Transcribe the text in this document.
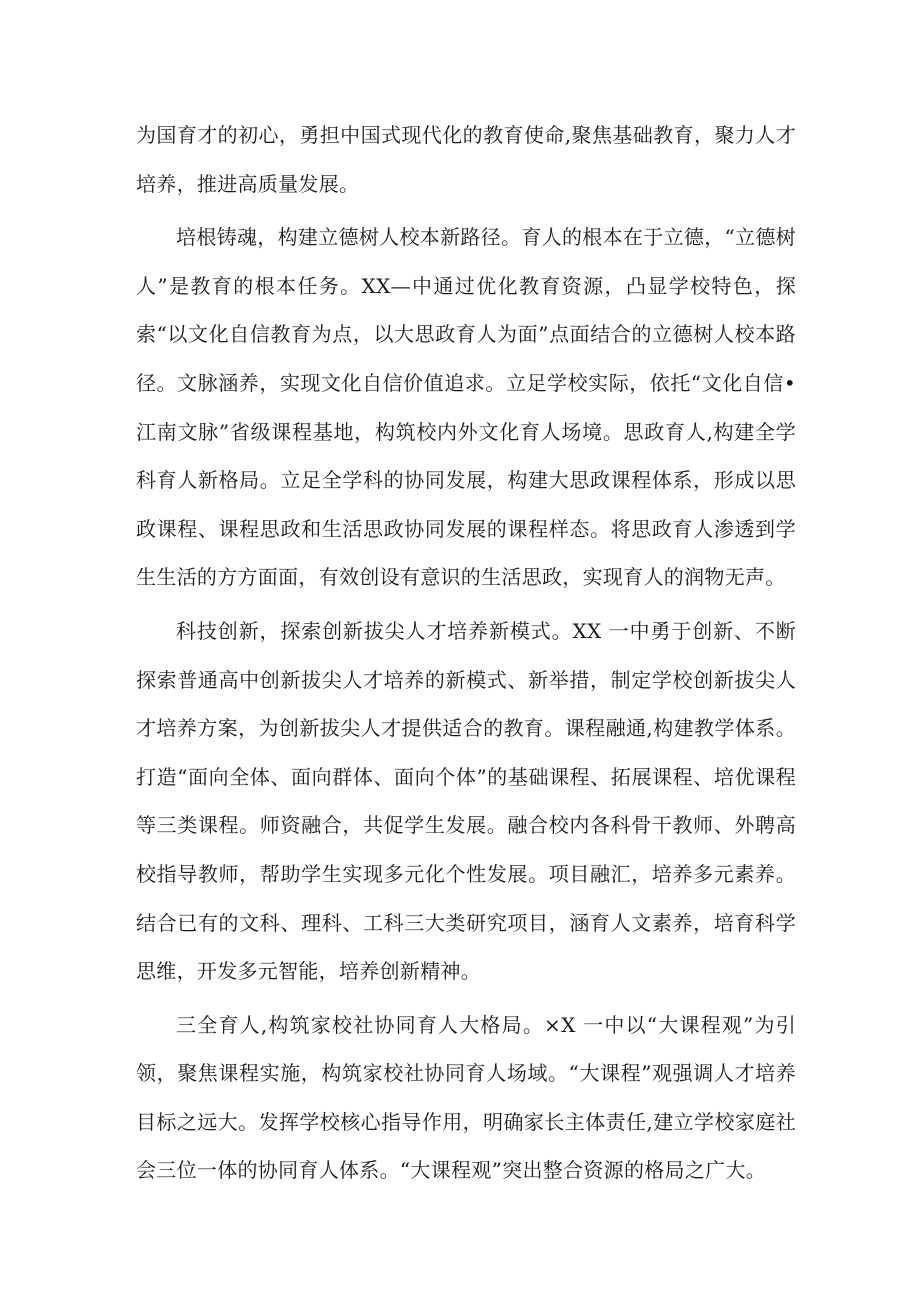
为国育才的初心，勇担中国式现代化的教育使命,聚焦基础教育，聚力人才培养，推进高质量发展。

培根铸魂，构建立德树人校本新路径。育人的根本在于立德，“立德树人”是教育的根本任务。XX—中通过优化教育资源，凸显学校特色，探索“以文化自信教育为点，以大思政育人为面”点面结合的立德树人校本路径。文脉涵养，实现文化自信价值追求。立足学校实际，依托“文化自信•江南文脉”省级课程基地，构筑校内外文化育人场境。思政育人,构建全学科育人新格局。立足全学科的协同发展，构建大思政课程体系，形成以思政课程、课程思政和生活思政协同发展的课程样态。将思政育人渗透到学生生活的方方面面，有效创设有意识的生活思政，实现育人的润物无声。

科技创新，探索创新拔尖人才培养新模式。XX 一中勇于创新、不断探索普通高中创新拔尖人才培养的新模式、新举措，制定学校创新拔尖人才培养方案，为创新拔尖人才提供适合的教育。课程融通,构建教学体系。打造“面向全体、面向群体、面向个体”的基础课程、拓展课程、培优课程等三类课程。师资融合，共促学生发展。融合校内各科骨干教师、外聘高校指导教师，帮助学生实现多元化个性发展。项目融汇，培养多元素养。结合已有的文科、理科、工科三大类研究项目，涵育人文素养，培育科学思维，开发多元智能，培养创新精神。

三全育人,构筑家校社协同育人大格局。×X 一中以“大课程观”为引领，聚焦课程实施，构筑家校社协同育人场域。“大课程”观强调人才培养目标之远大。发挥学校核心指导作用，明确家长主体责任,建立学校家庭社会三位一体的协同育人体系。“大课程观”突出整合资源的格局之广大。
